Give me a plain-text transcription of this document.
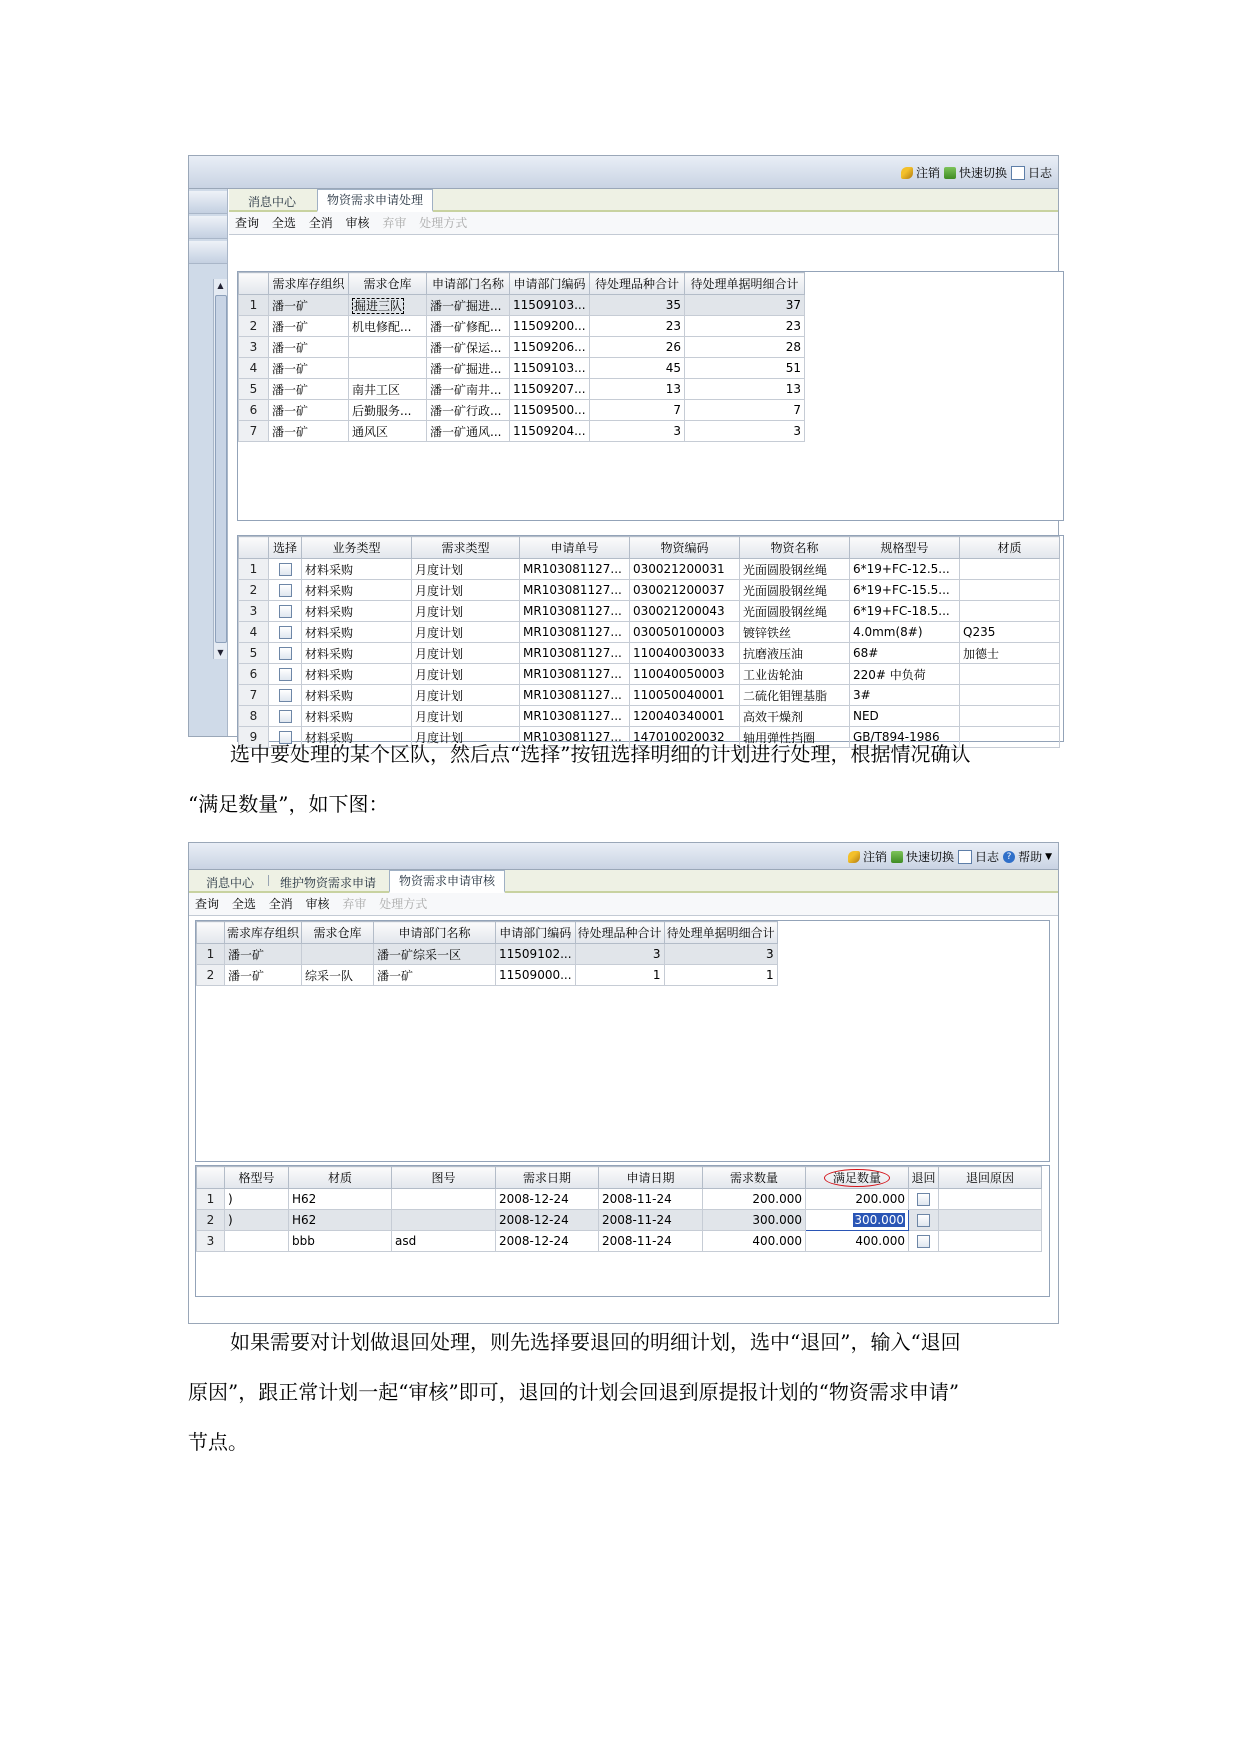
注销 快速切换 日志
▲
▼
消息中心	物资需求申请处理
查询 全选 全消 审核 弃审 处理方式
	需求库存组织	需求仓库	申请部门名称	申请部门编码	待处理品种合计	待处理单据明细合计
1	潘一矿	掘进三队	潘一矿掘进...	11509103...	35	37
2	潘一矿	机电修配...	潘一矿修配...	11509200...	23	23
3	潘一矿		潘一矿保运...	11509206...	26	28
4	潘一矿		潘一矿掘进...	11509103...	45	51
5	潘一矿	南井工区	潘一矿南井...	11509207...	13	13
6	潘一矿	后勤服务...	潘一矿行政...	11509500...	7	7
7	潘一矿	通风区	潘一矿通风...	11509204...	3	3
	选择	业务类型	需求类型	申请单号	物资编码	物资名称	规格型号	材质
1		材料采购	月度计划	MR103081127...	030021200031	光面圆股钢丝绳	6*19+FC-12.5...	
2		材料采购	月度计划	MR103081127...	030021200037	光面圆股钢丝绳	6*19+FC-15.5...	
3		材料采购	月度计划	MR103081127...	030021200043	光面圆股钢丝绳	6*19+FC-18.5...	
4		材料采购	月度计划	MR103081127...	030050100003	镀锌铁丝	4.0mm(8#)	Q235
5		材料采购	月度计划	MR103081127...	110040030033	抗磨液压油	68#	加德士
6		材料采购	月度计划	MR103081127...	110040050003	工业齿轮油	220# 中负荷	
7		材料采购	月度计划	MR103081127...	110050040001	二硫化钼锂基脂	3#	
8		材料采购	月度计划	MR103081127...	120040340001	高效干燥剂	NED	
9		材料采购	月度计划	MR103081127...	147010020032	轴用弹性挡圈	GB/T894-1986	
选中要处理的某个区队，然后点“选择”按钮选择明细的计划进行处理，根据情况确认
“满足数量”，如下图：
注销 快速切换 日志 ? 帮助 ▼
消息中心	维护物资需求申请	物资需求申请审核
查询 全选 全消 审核 弃审 处理方式
	需求库存组织	需求仓库	申请部门名称	申请部门编码	待处理品种合计	待处理单据明细合计
1	潘一矿		潘一矿综采一区	11509102...	3	3
2	潘一矿	综采一队	潘一矿	11509000...	1	1
	格型号	材质	图号	需求日期	申请日期	需求数量	满足数量	退回	退回原因
1	)	H62		2008-12-24	2008-11-24	200.000	200.000		
2	)	H62		2008-12-24	2008-11-24	300.000	300.000		
3		bbb	asd	2008-12-24	2008-11-24	400.000	400.000		
如果需要对计划做退回处理，则先选择要退回的明细计划，选中“退回”，输入“退回
原因”，跟正常计划一起“审核”即可，退回的计划会回退到原提报计划的“物资需求申请”
节点。
